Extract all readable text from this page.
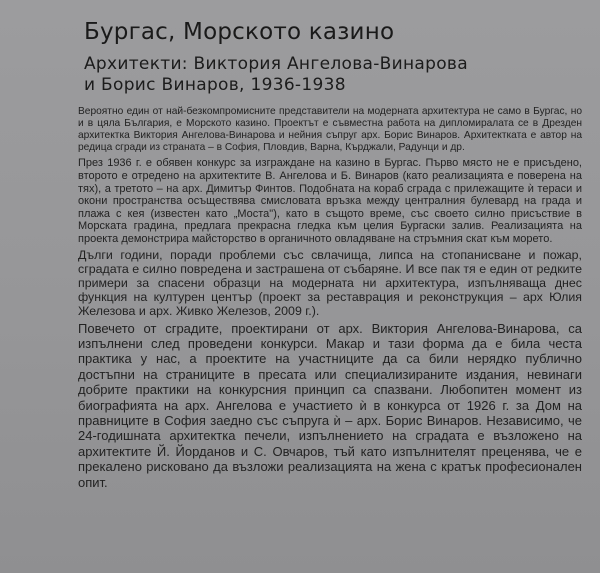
Бургас, Морското казино
Архитекти: Виктория Ангелова-Винарова
и Борис Винаров, 1936-1938

Вероятно един от най-безкомпромисните представители на модерната архитектура не само в Бургас, но и в цяла България, е Морското казино. Проектът е съвместна работа на дипломиралата се в Дрезден архитектка Виктория Ангелова-Винарова и нейния съпруг арх. Борис Винаров. Архитектката е автор на редица сгради из страната – в София, Пловдив, Варна, Кърджали, Радунци и др.

През 1936 г. е обявен конкурс за изграждане на казино в Бургас. Първо място не е присъдено, второто е отредено на архитектите В. Ангелова и Б. Винаров (като реализацията е поверена на тях), а третото – на арх. Димитър Финтов. Подобната на кораб сграда с прилежащите ѝ тераси и окони пространства осъществява смисловата връзка между централния булевард на града и плажа с кея (известен като „Моста"), като в същото време, със своето силно присъствие в Морската градина, предлага прекрасна гледка към целия Бургаски залив. Реализацията на проекта демонстрира майсторство в органичното овладяване на стръмния скат към морето.

Дълги години, поради проблеми със свлачища, липса на стопанисване и пожар, сградата е силно повредена и застрашена от събаряне. И все пак тя е един от редките примери за спасени образци на модерната ни архитектура, изпълняваща днес функция на културен център (проект за реставрация и реконструкция – арх Юлия Железова и арх. Живко Железов, 2009 г.).

Повечето от сградите, проектирани от арх. Виктория Ангелова-Винарова, са изпълнени след проведени конкурси. Макар и тази форма да е била честа практика у нас, а проектите на участниците да са били нерядко публично достъпни на страниците в пресата или специализираните издания, невинаги добрите практики на конкурсния принцип са спазвани. Любопитен момент из биографията на арх. Ангелова е участието ѝ в конкурса от 1926 г. за Дом на правниците в София заедно със съпруга ѝ – арх. Борис Винаров. Независимо, че 24-годишната архитектка печели, изпълнението на сградата е възложено на архитектите Й. Йорданов и С. Овчаров, тъй като изпълнителят преценява, че е прекалено рисковано да възложи реализацията на жена с кратък професионален опит.
